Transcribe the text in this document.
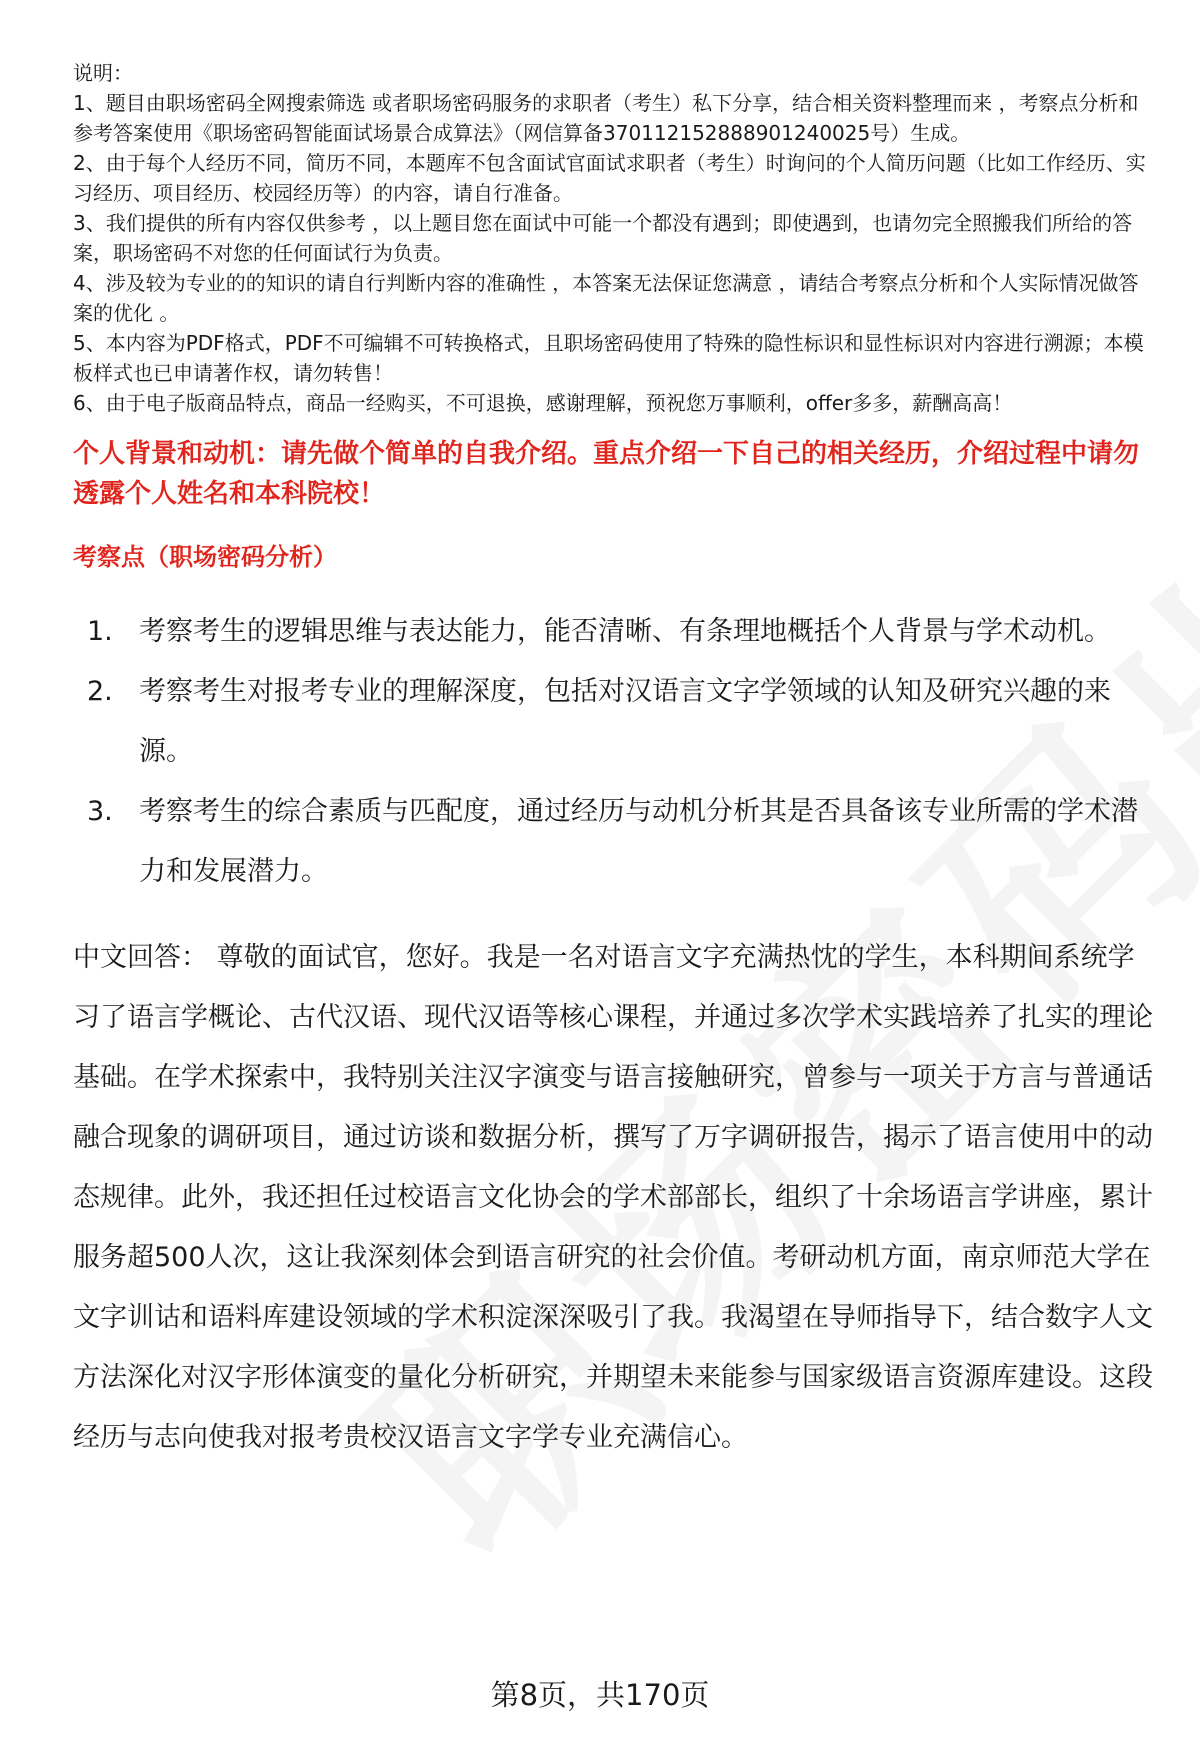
说明：
1、题目由职场密码全网搜索筛选 或者职场密码服务的求职者（考生）私下分享，结合相关资料整理而来 ，考察点分析和参考答案使用《职场密码智能面试场景合成算法》（网信算备370112152888901240025号）生成。
2、由于每个人经历不同，简历不同，本题库不包含面试官面试求职者（考生）时询问的个人简历问题（比如工作经历、实习经历、项目经历、校园经历等）的内容，请自行准备。
3、我们提供的所有内容仅供参考 ，以上题目您在面试中可能一个都没有遇到；即使遇到，也请勿完全照搬我们所给的答案，职场密码不对您的任何面试行为负责。
4、涉及较为专业的的知识的请自行判断内容的准确性 ，本答案无法保证您满意 ，请结合考察点分析和个人实际情况做答案的优化 。
5、本内容为PDF格式，PDF不可编辑不可转换格式，且职场密码使用了特殊的隐性标识和显性标识对内容进行溯源；本模板样式也已申请著作权，请勿转售！
6、由于电子版商品特点，商品一经购买，不可退换，感谢理解，预祝您万事顺利，offer多多，薪酬高高！
个人背景和动机：请先做个简单的自我介绍。重点介绍一下自己的相关经历，介绍过程中请勿透露个人姓名和本科院校！
考察点（职场密码分析）
1. 考察考生的逻辑思维与表达能力，能否清晰、有条理地概括个人背景与学术动机。
2. 考察考生对报考专业的理解深度，包括对汉语言文字学领域的认知及研究兴趣的来源。
3. 考察考生的综合素质与匹配度，通过经历与动机分析其是否具备该专业所需的学术潜力和发展潜力。
中文回答： 尊敬的面试官，您好。我是一名对语言文字充满热忱的学生，本科期间系统学习了语言学概论、古代汉语、现代汉语等核心课程，并通过多次学术实践培养了扎实的理论基础。在学术探索中，我特别关注汉字演变与语言接触研究，曾参与一项关于方言与普通话融合现象的调研项目，通过访谈和数据分析，撰写了万字调研报告，揭示了语言使用中的动态规律。此外，我还担任过校语言文化协会的学术部部长，组织了十余场语言学讲座，累计服务超500人次，这让我深刻体会到语言研究的社会价值。考研动机方面，南京师范大学在文字训诂和语料库建设领域的学术积淀深深吸引了我。我渴望在导师指导下，结合数字人文方法深化对汉字形体演变的量化分析研究，并期望未来能参与国家级语言资源库建设。这段经历与志向使我对报考贵校汉语言文字学专业充满信心。
第8页，共170页
